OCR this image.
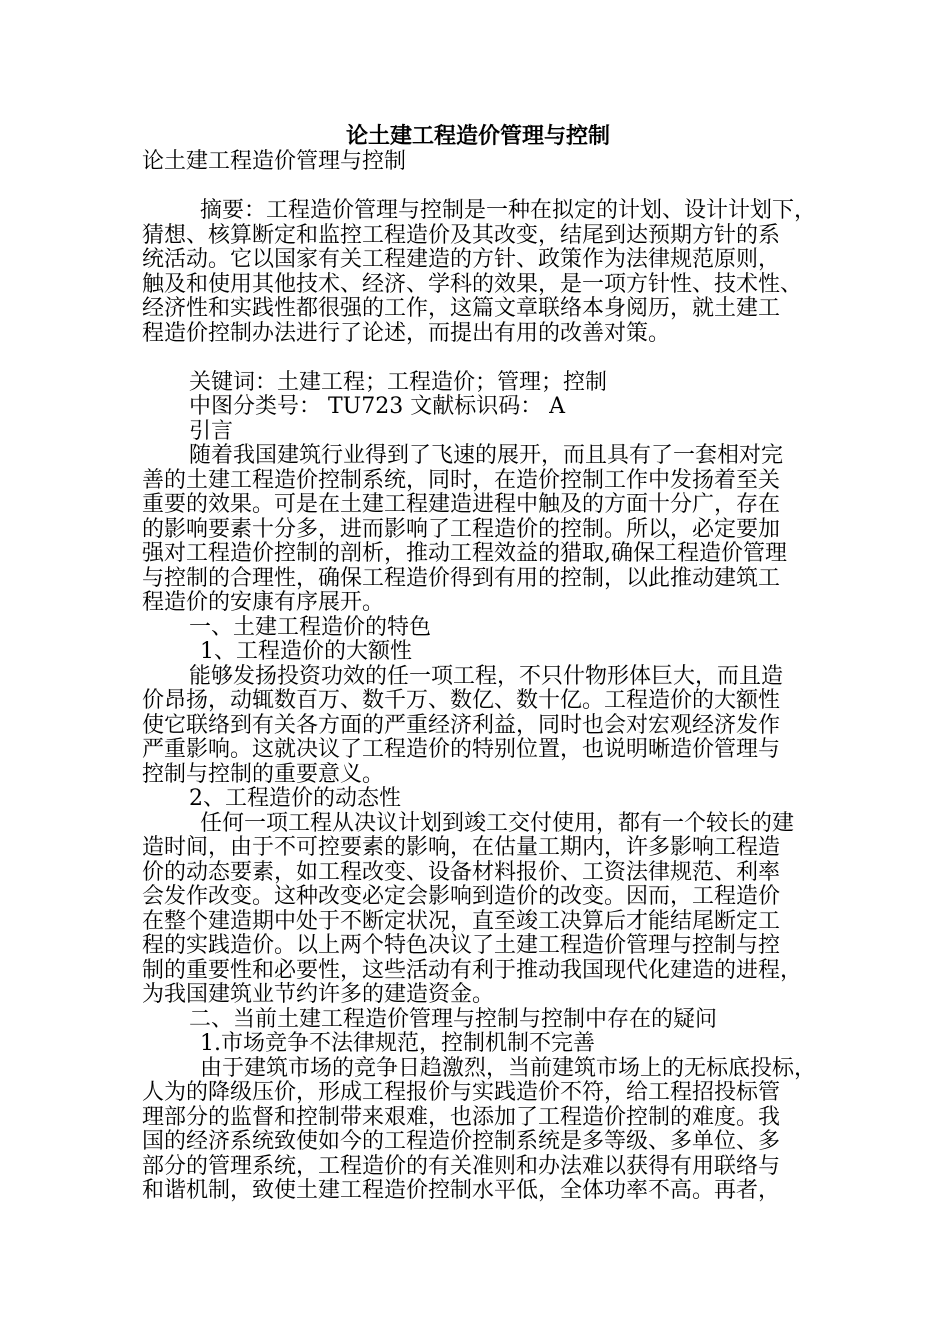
论土建工程造价管理与控制
论土建工程造价管理与控制
摘要：工程造价管理与控制是一种在拟定的计划、设计计划下，
猜想、核算断定和监控工程造价及其改变，结尾到达预期方针的系
统活动。它以国家有关工程建造的方针、政策作为法律规范原则，
触及和使用其他技术、经济、学科的效果，是一项方针性、技术性、
经济性和实践性都很强的工作，这篇文章联络本身阅历，就土建工
程造价控制办法进行了论述，而提出有用的改善对策。
关键词：土建工程；工程造价；管理；控制
中图分类号： TU723 文献标识码： A
引言
随着我国建筑行业得到了飞速的展开，而且具有了一套相对完
善的土建工程造价控制系统，同时，在造价控制工作中发扬着至关
重要的效果。可是在土建工程建造进程中触及的方面十分广，存在
的影响要素十分多，进而影响了工程造价的控制。所以，必定要加
强对工程造价控制的剖析，推动工程效益的猎取,确保工程造价管理
与控制的合理性，确保工程造价得到有用的控制，以此推动建筑工
程造价的安康有序展开。
一、土建工程造价的特色
1、工程造价的大额性
能够发扬投资功效的任一项工程，不只什物形体巨大，而且造
价昂扬，动辄数百万、数千万、数亿、数十亿。工程造价的大额性
使它联络到有关各方面的严重经济利益，同时也会对宏观经济发作
严重影响。这就决议了工程造价的特别位置，也说明晰造价管理与
控制与控制的重要意义。
2、工程造价的动态性
任何一项工程从决议计划到竣工交付使用，都有一个较长的建
造时间，由于不可控要素的影响，在估量工期内，许多影响工程造
价的动态要素，如工程改变、设备材料报价、工资法律规范、利率
会发作改变。这种改变必定会影响到造价的改变。因而，工程造价
在整个建造期中处于不断定状况，直至竣工决算后才能结尾断定工
程的实践造价。以上两个特色决议了土建工程造价管理与控制与控
制的重要性和必要性，这些活动有利于推动我国现代化建造的进程，
为我国建筑业节约许多的建造资金。
二、当前土建工程造价管理与控制与控制中存在的疑问
1.市场竞争不法律规范，控制机制不完善
由于建筑市场的竞争日趋激烈，当前建筑市场上的无标底投标，
人为的降级压价，形成工程报价与实践造价不符，给工程招投标管
理部分的监督和控制带来艰难，也添加了工程造价控制的难度。我
国的经济系统致使如今的工程造价控制系统是多等级、多单位、多
部分的管理系统，工程造价的有关准则和办法难以获得有用联络与
和谐机制，致使土建工程造价控制水平低，全体功率不高。再者，
